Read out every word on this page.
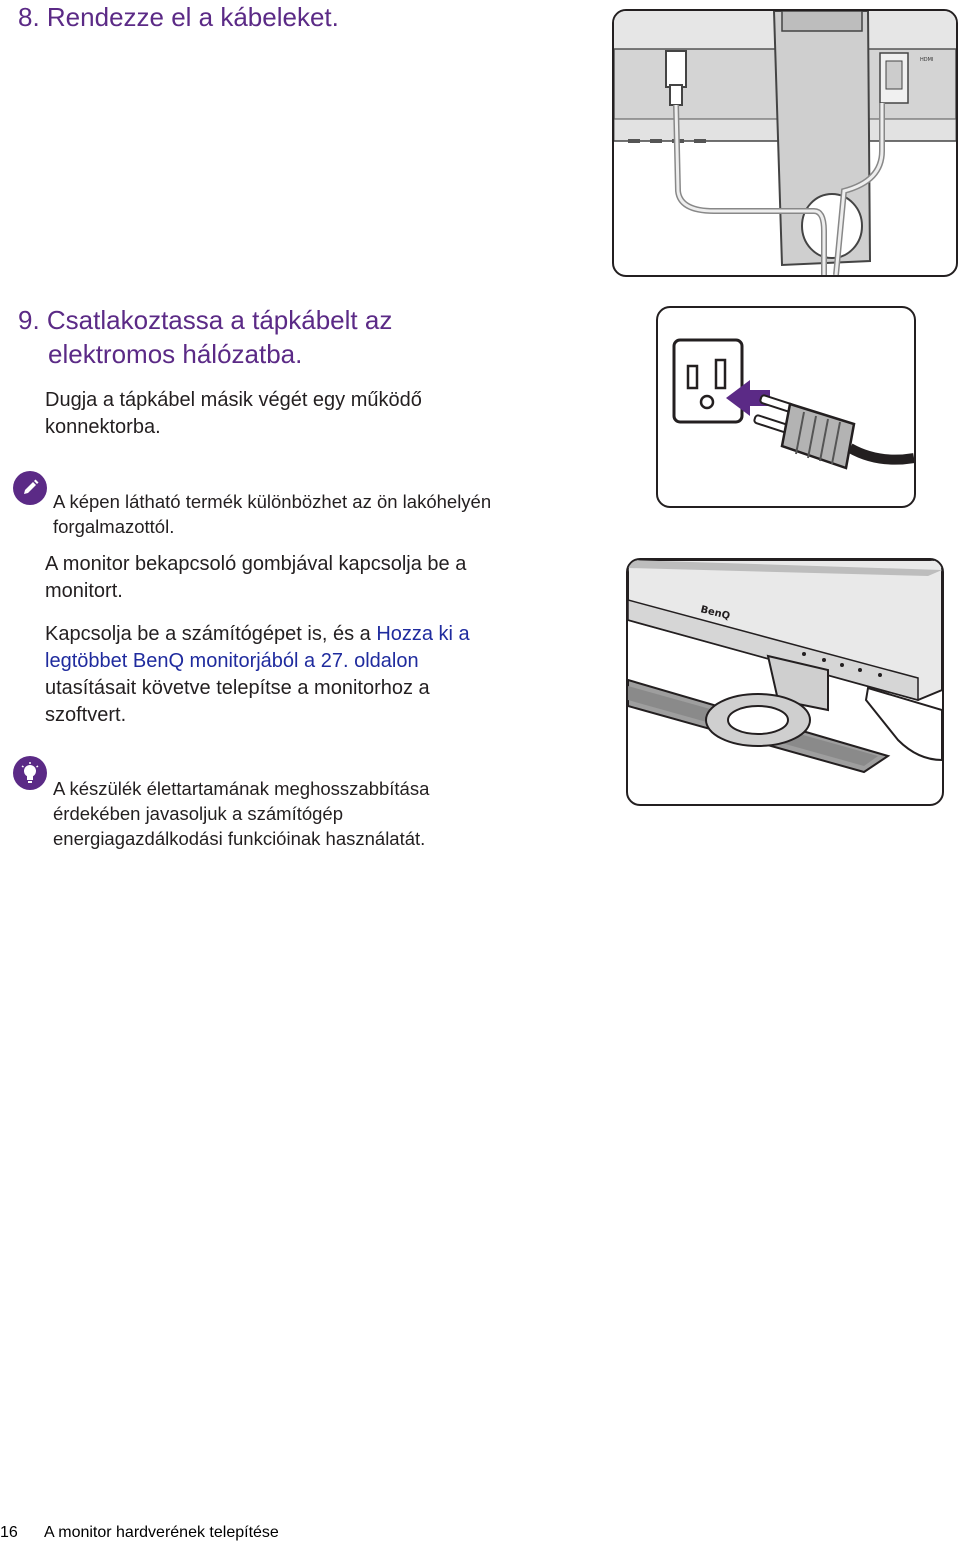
8. Rendezze el a kábeleket.
HDMI
9. Csatlakoztassa a tápkábelt az
elektromos hálózatba.
Dugja a tápkábel másik végét egy működő
konnektorba.
A képen látható termék különbözhet az ön lakóhelyén
forgalmazottól.
A monitor bekapcsoló gombjával kapcsolja be a
monitort.
Kapcsolja be a számítógépet is, és a Hozza ki a
legtöbbet BenQ monitorjából a 27. oldalon
utasításait követve telepítse a monitorhoz a
szoftvert.
BenQ
A készülék élettartamának meghosszabbítása
érdekében javasoljuk a számítógép
energiagazdálkodási funkcióinak használatát.
16 A monitor hardverének telepítése
